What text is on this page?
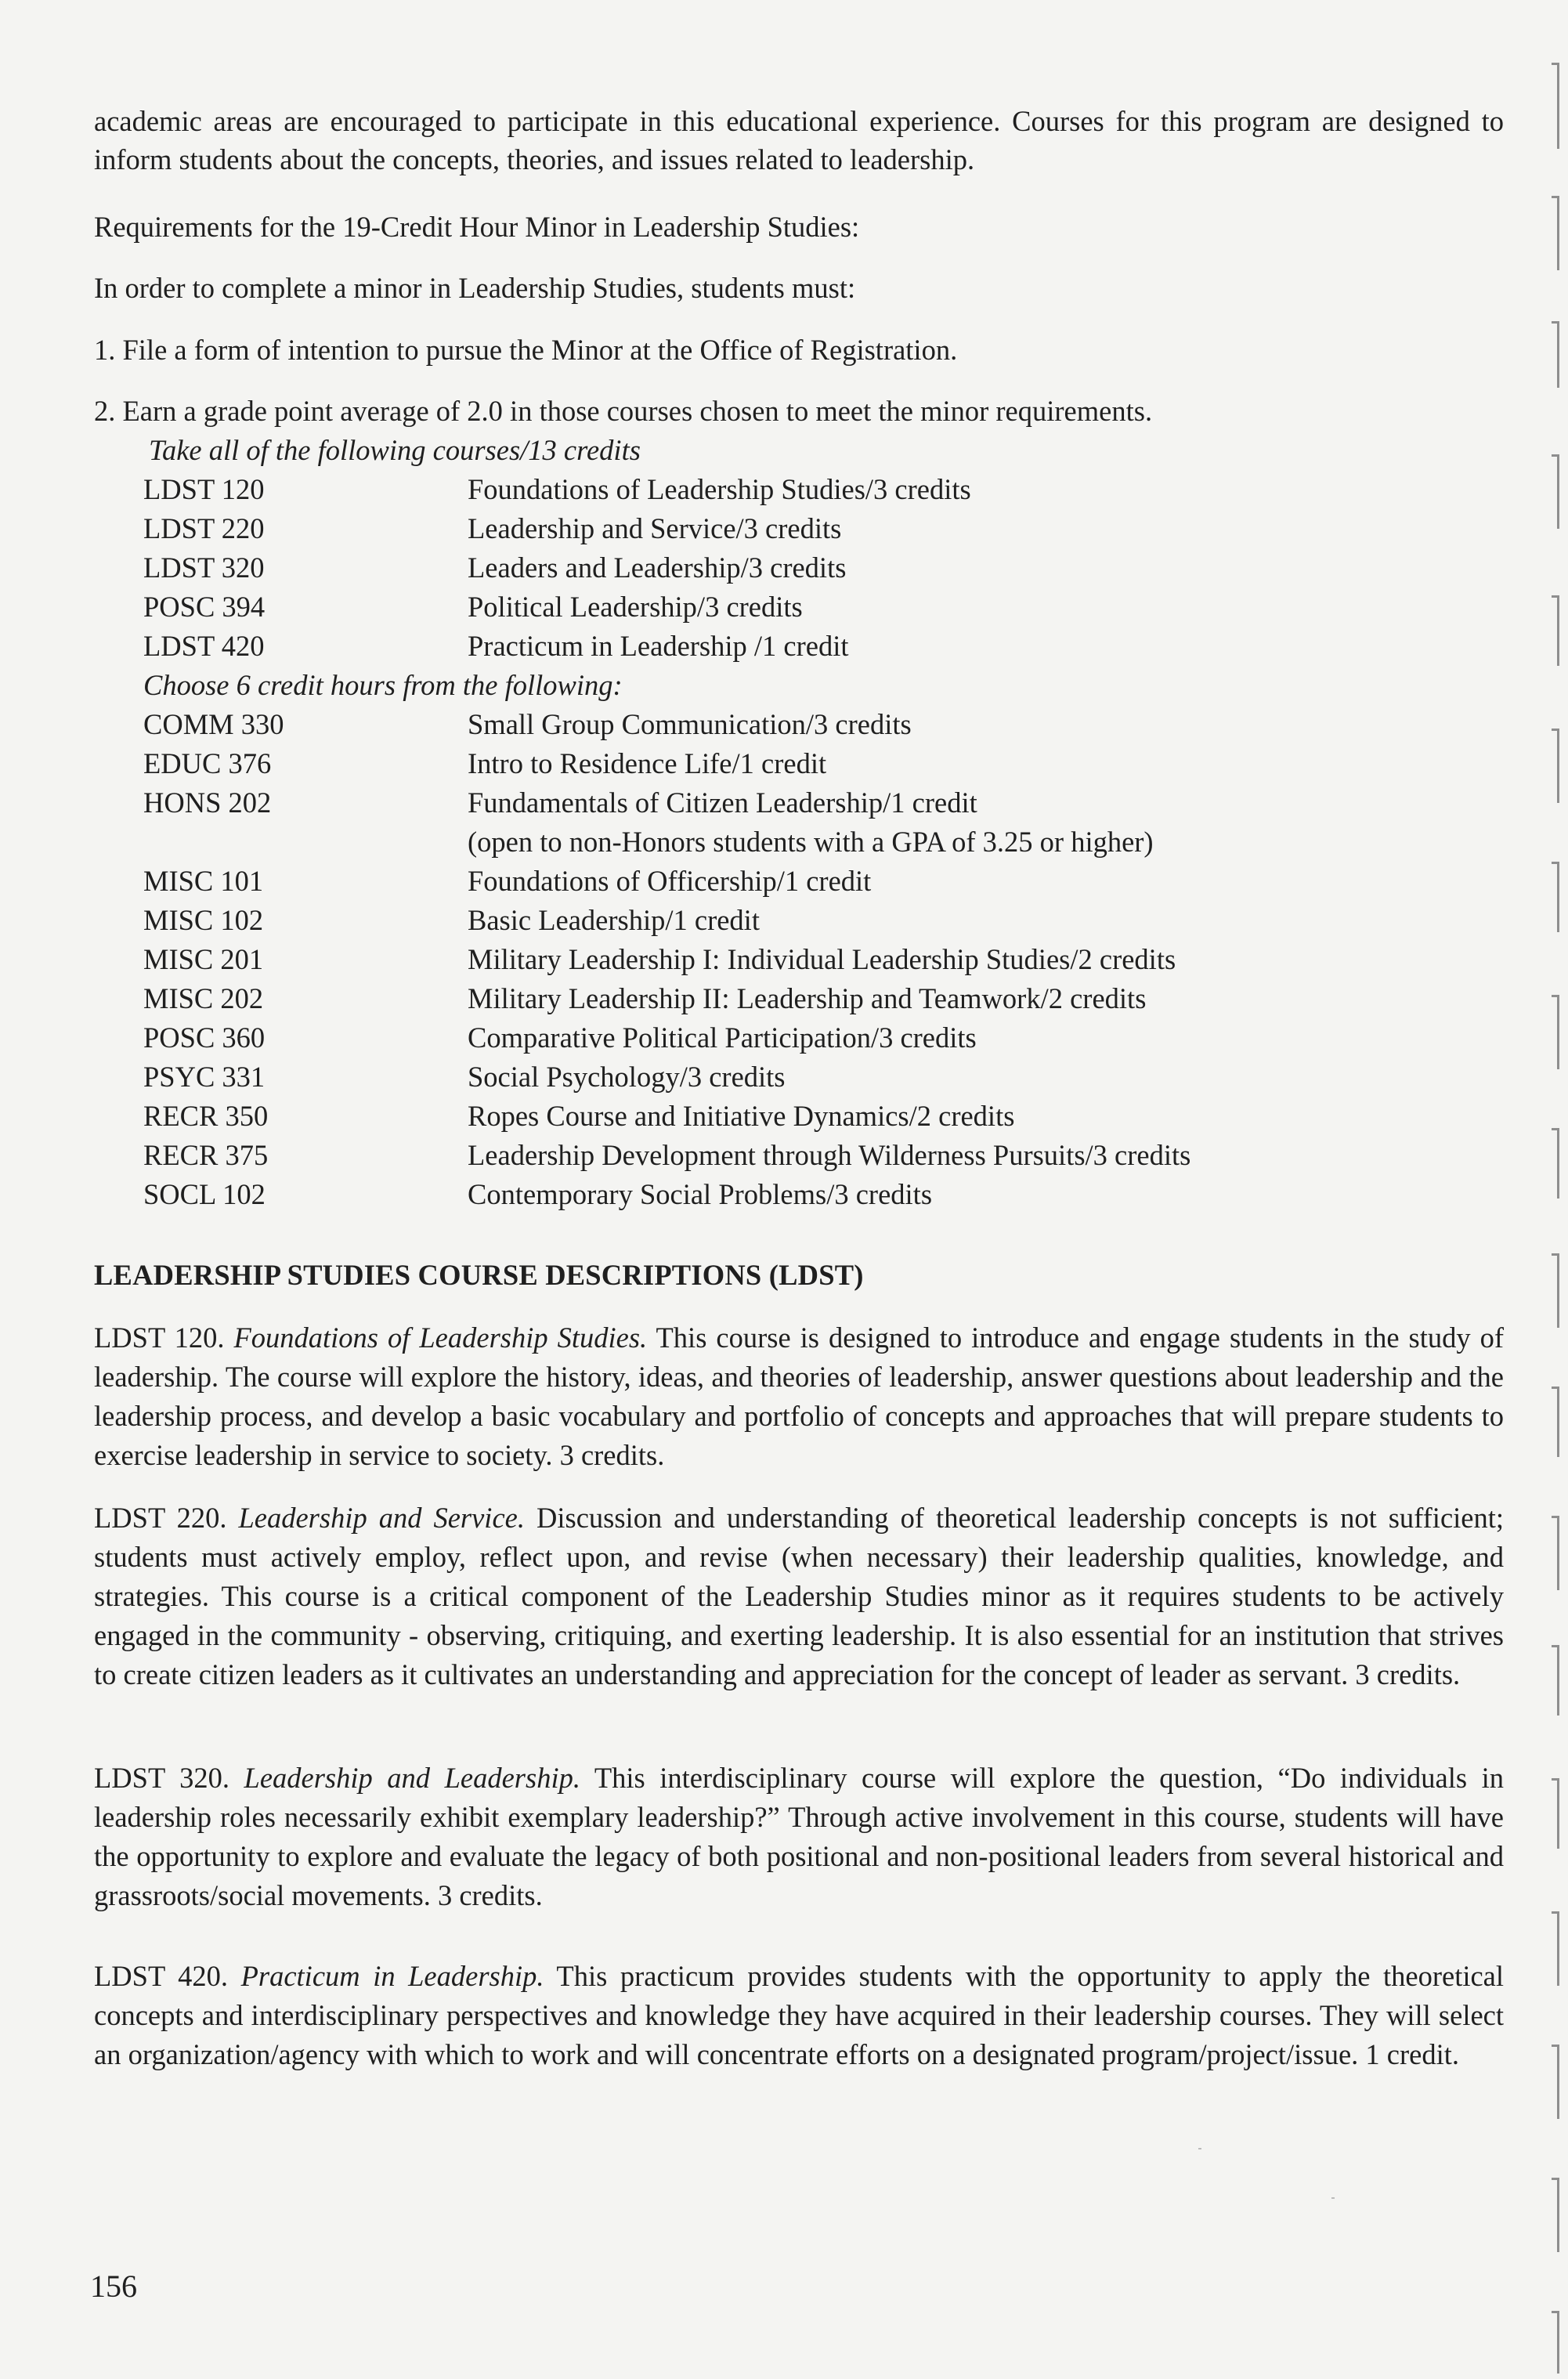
academic areas are encouraged to participate in this educational experience. Courses for this program are designed to inform students about the concepts, theories, and issues related to leadership.

Requirements for the 19-Credit Hour Minor in Leadership Studies:

In order to complete a minor in Leadership Studies, students must:

1. File a form of intention to pursue the Minor at the Office of Registration.

2. Earn a grade point average of 2.0 in those courses chosen to meet the minor requirements.

Take all of the following courses/13 credits

LDST 120	Foundations of Leadership Studies/3 credits
LDST 220	Leadership and Service/3 credits
LDST 320	Leaders and Leadership/3 credits
POSC 394	Political Leadership/3 credits
LDST 420	Practicum in Leadership /1 credit

Choose 6 credit hours from the following:

COMM 330	Small Group Communication/3 credits
EDUC 376	Intro to Residence Life/1 credit
HONS 202	Fundamentals of Citizen Leadership/1 credit
(open to non-Honors students with a GPA of 3.25 or higher)
MISC 101	Foundations of Officership/1 credit
MISC 102	Basic Leadership/1 credit
MISC 201	Military Leadership I: Individual Leadership Studies/2 credits
MISC 202	Military Leadership II: Leadership and Teamwork/2 credits
POSC 360	Comparative Political Participation/3 credits
PSYC 331	Social Psychology/3 credits
RECR 350	Ropes Course and Initiative Dynamics/2 credits
RECR 375	Leadership Development through Wilderness Pursuits/3 credits
SOCL 102	Contemporary Social Problems/3 credits
LEADERSHIP STUDIES COURSE DESCRIPTIONS (LDST)

LDST 120. Foundations of Leadership Studies. This course is designed to introduce and engage students in the study of leadership. The course will explore the history, ideas, and theories of leadership, answer questions about leadership and the leadership process, and develop a basic vocabulary and portfolio of concepts and approaches that will prepare students to exercise leadership in service to society. 3 credits.

LDST 220. Leadership and Service. Discussion and understanding of theoretical leadership concepts is not sufficient; students must actively employ, reflect upon, and revise (when necessary) their leadership qualities, knowledge, and strategies. This course is a critical component of the Leadership Studies minor as it requires students to be actively engaged in the community - observing, critiquing, and exerting leadership. It is also essential for an institution that strives to create citizen leaders as it cultivates an understanding and appreciation for the concept of leader as servant. 3 credits.

LDST 320. Leadership and Leadership. This interdisciplinary course will explore the question, “Do individuals in leadership roles necessarily exhibit exemplary leadership?” Through active involvement in this course, students will have the opportunity to explore and evaluate the legacy of both positional and non-positional leaders from several historical and grassroots/social movements. 3 credits.

LDST 420. Practicum in Leadership. This practicum provides students with the opportunity to apply the theoretical concepts and interdisciplinary perspectives and knowledge they have acquired in their leadership courses. They will select an organization/agency with which to work and will concentrate efforts on a designated program/project/issue. 1 credit.

156
